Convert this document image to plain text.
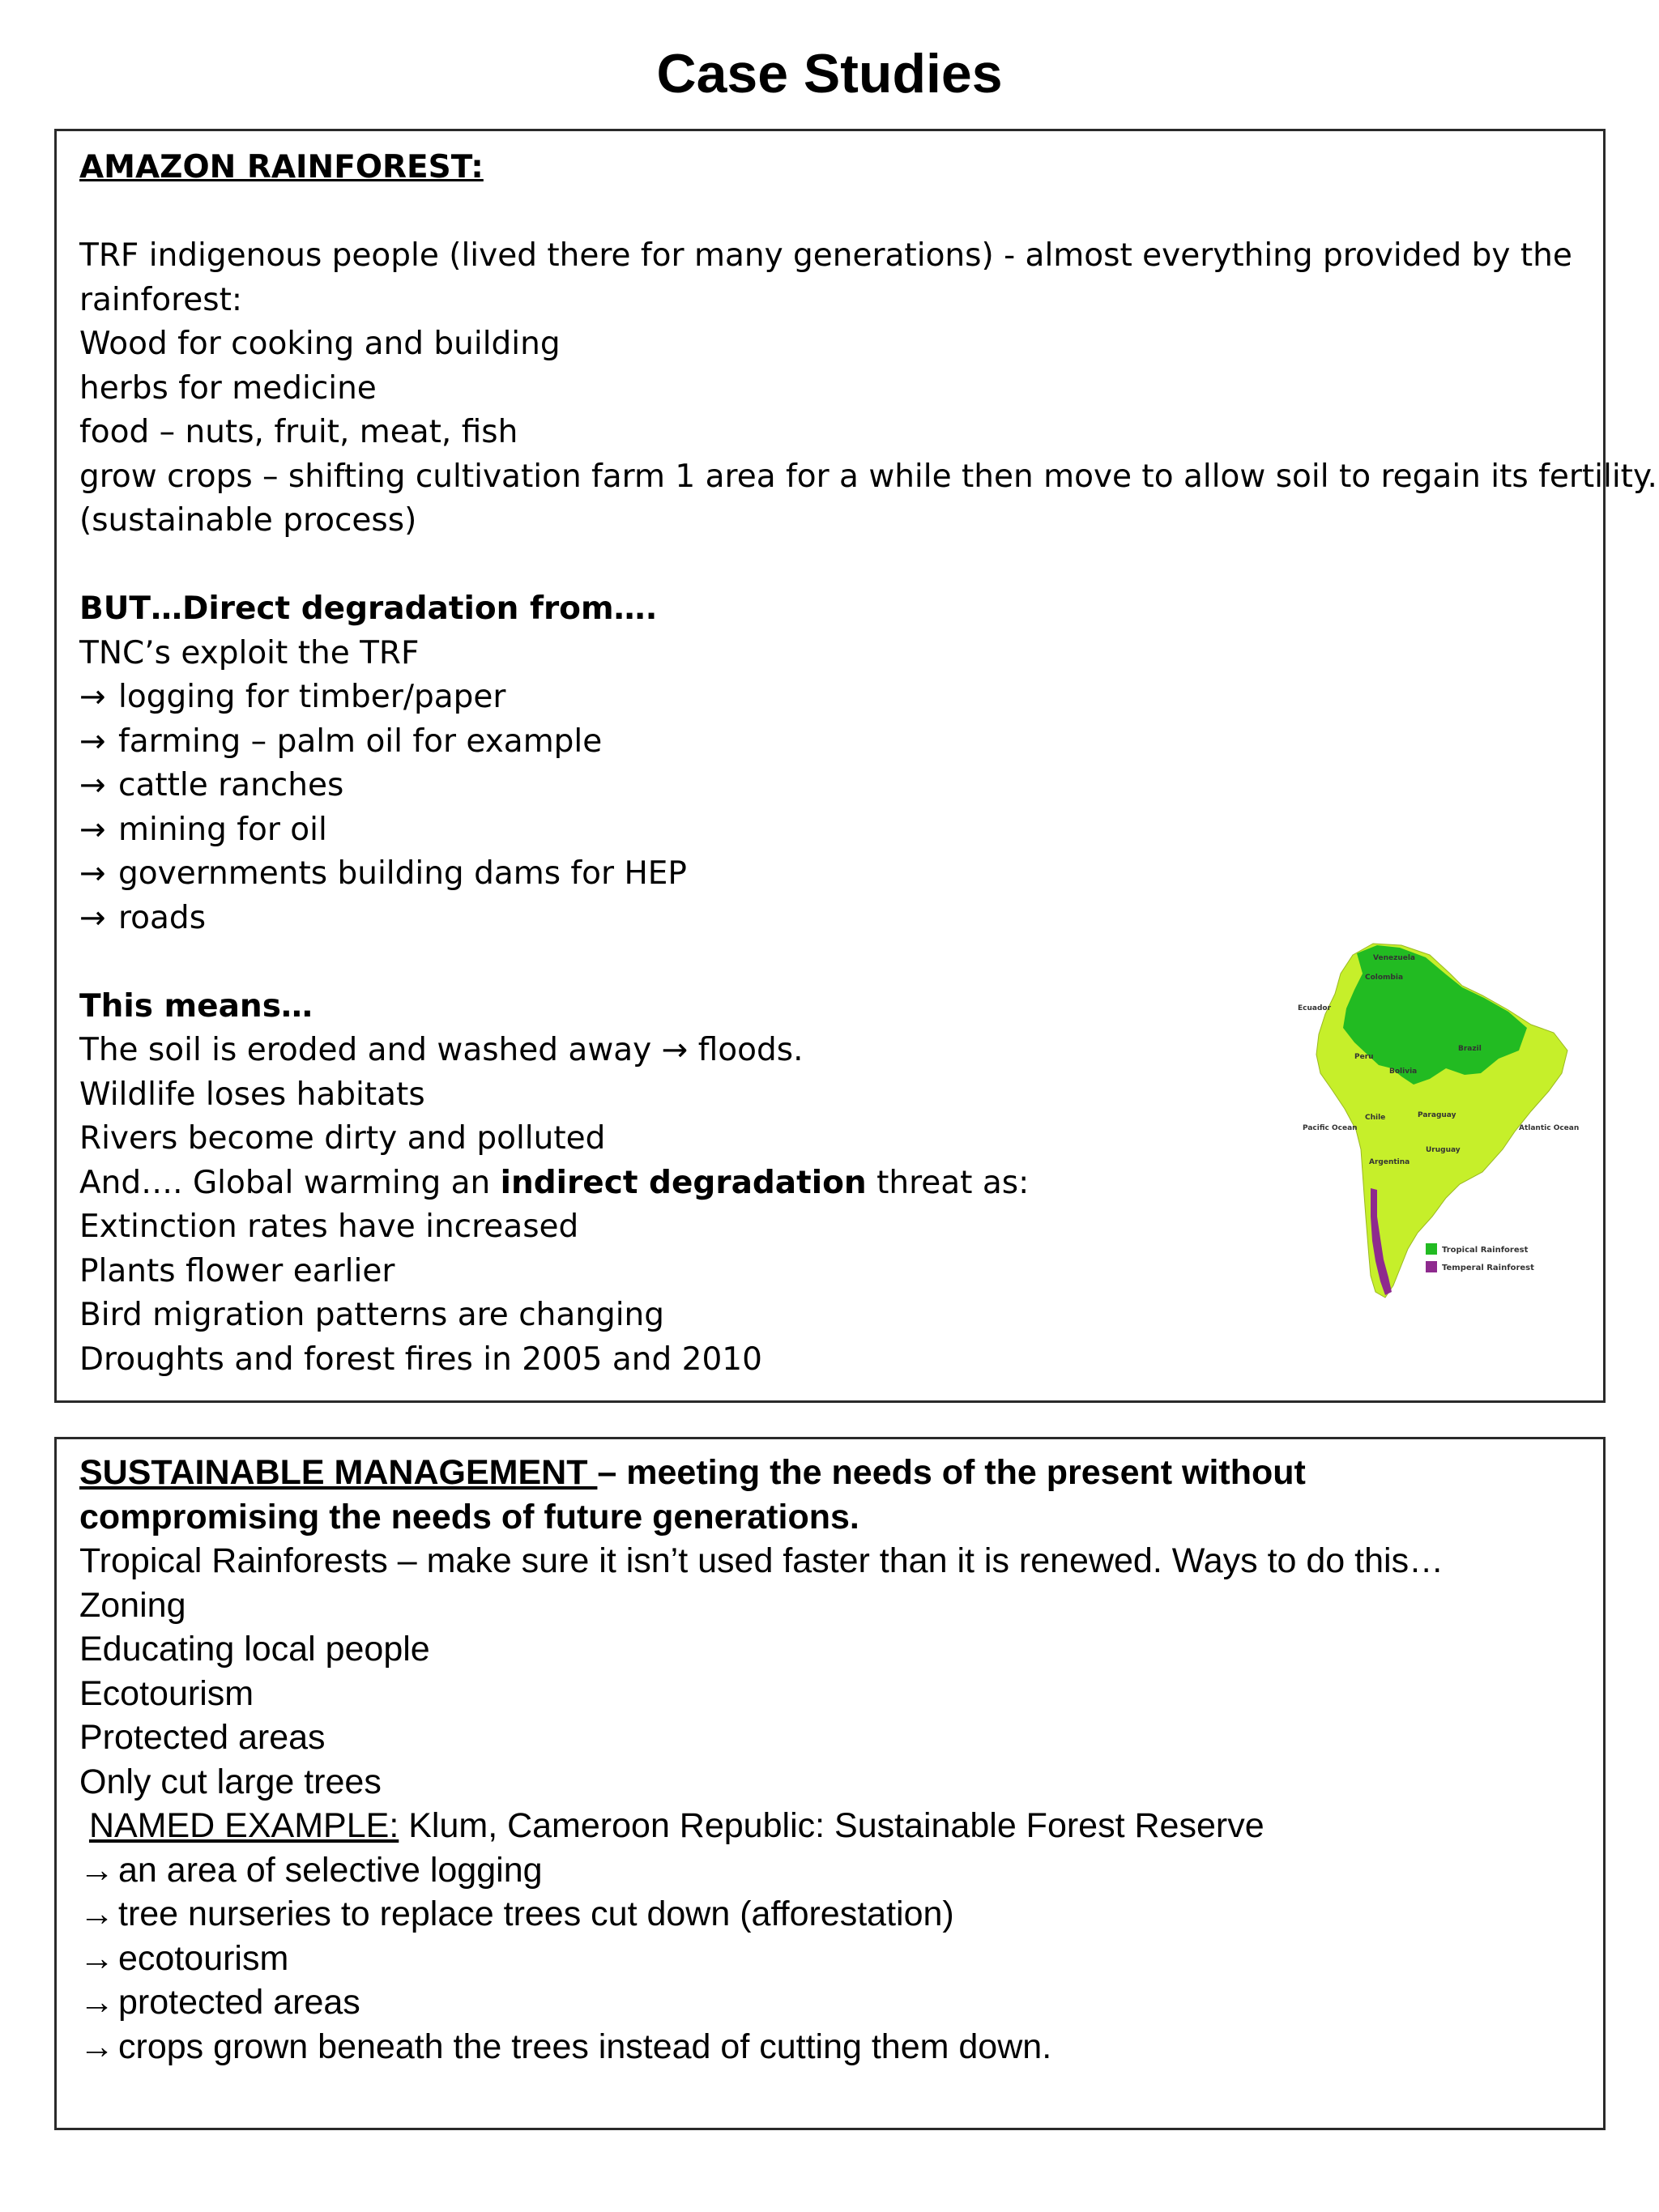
Case Studies
AMAZON RAINFOREST:
TRF indigenous people (lived there for many generations) - almost everything provided by the
rainforest:
Wood for cooking and building
herbs for medicine
food – nuts, fruit, meat, fish
grow crops – shifting cultivation farm 1 area for a while then move to allow soil to regain its fertility.
(sustainable process)
BUT…Direct degradation from….
TNC’s exploit the TRF
→ logging for timber/paper
→ farming – palm oil for example
→ cattle ranches
→ mining for oil
→ governments building dams for HEP
→ roads
This means…
The soil is eroded and washed away → floods.
Wildlife loses habitats
Rivers become dirty and polluted
And…. Global warming an indirect degradation threat as:
Extinction rates have increased
Plants flower earlier
Bird migration patterns are changing
Droughts and forest fires in 2005 and 2010
Venezuela
Colombia
Ecuador
Peru
Brazil
Bolivia
Chile	Paraguay
Uruguay
Argentina
Pacific Ocean	Atlantic Ocean
Tropical Rainforest
Temperal Rainforest
SUSTAINABLE MANAGEMENT – meeting the needs of the present without
compromising the needs of future generations.
Tropical Rainforests – make sure it isn’t used faster than it is renewed. Ways to do this…
Zoning
Educating local people
Ecotourism
Protected areas
Only cut large trees
NAMED EXAMPLE: Klum, Cameroon Republic: Sustainable Forest Reserve
→ an area of selective logging
→ tree nurseries to replace trees cut down (afforestation)
→ ecotourism
→ protected areas
→ crops grown beneath the trees instead of cutting them down.
